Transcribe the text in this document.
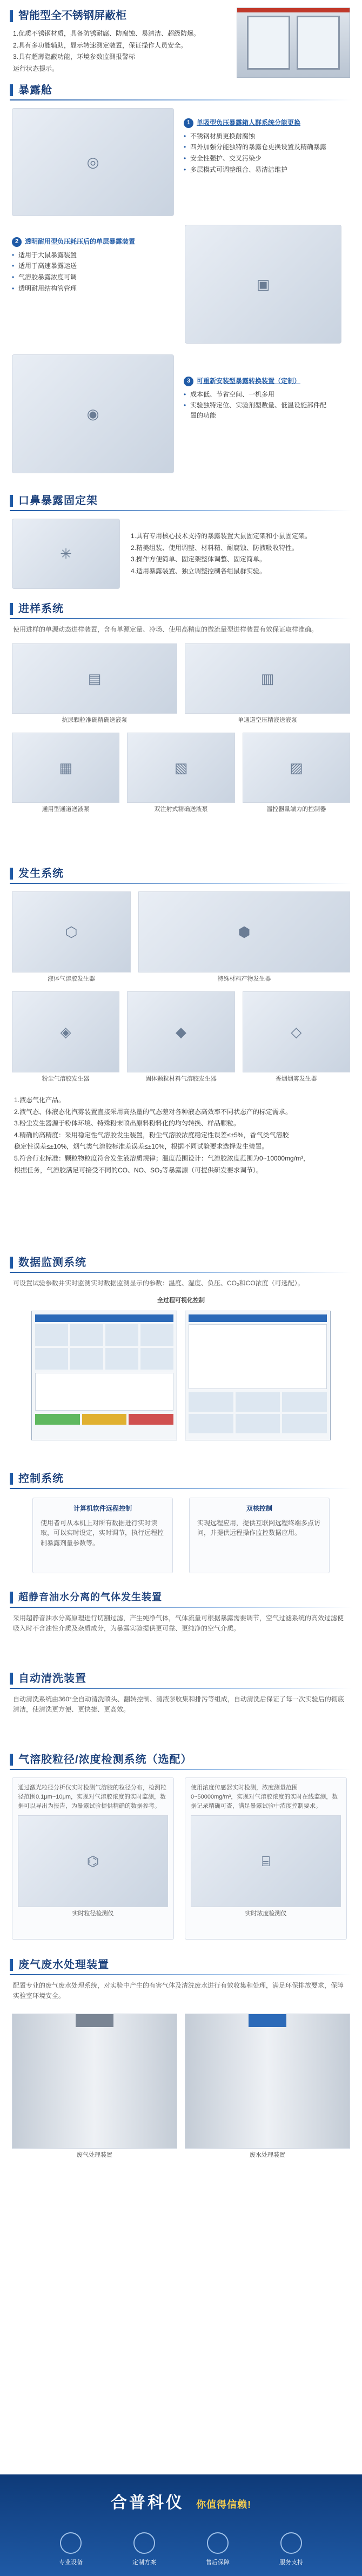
智能型全不锈钢屏蔽柜
1.优质不锈钢材质，具备防锈耐腐、防腐蚀、易清洁、超级防爆。
2.具有多功能辅助，显示转速测定装置，保证操作人员安全。
3.具有超薄隐蔽功能，环境参数监测报警标
运行状态提示。
暴露舱
◎
1 单吸型负压暴露箱人群系统分能更换
• 不锈钢材质更换耐腐蚀
• 四外加强分能独特的暴露仓更换设置及精确暴露
• 安全性强护、交叉污染少
• 多层模式可调整组合、易清洁维护
2 透明耐用型负压耗压后的单层暴露装置
• 适用于大鼠暴露装置
• 适用于高速暴露运送
• 气溶胶暴露浓度可调
• 透明耐用结构管管理	▣
◉
3 可重新安装型暴露转换装置（定制）
• 成本低、节省空间、一机多用
• 实验独特定位、实验剂型数量、低温设施部件配置的功能
口鼻暴露固定架
✳
1.具有专用核心技术支持的暴露装置大鼠固定架和小鼠固定架。
2.精美组装、使用调整、材料精、耐腐蚀、防液吸收特性。
3.操作方便简单、固定架整体调整、固定简单。
4.适用暴露装置、独立调整控制各组鼠群实验。
进样系统
使用进样的单源动态进样装置，含有单源定量、冷场、使用高精度的微流量型进样装置有效保证取样准确。
▤
抗尿颗粒准确精确送液泵
▥
单通道空压精液送液泵
▦
通用型通道送液泵
▧
双注射式精确送液泵
▨
温控器量端力的控制器
发生系统
⬡
液体气溶胶发生器
⬢
特殊材料产物发生器
◈
粉尘气溶胶发生器
◆
固体颗粒材料气溶胶发生器
◇
香烟烟雾发生器
1.液态气化产品。
2.液气态、体液态化汽雾装置直接采用高热量的气态差对各种液态高效率不同状态产的标定需求。
3.粉尘发生器源于粉体环境、特殊粉末喷出原料粉料化的均匀转换、样品颗粒。
4.精确的高精度：采用稳定性气溶胶发生装置，粉尘气溶胶浓度稳定性误差≤±5%，香气类气溶胶
稳定性误差≤±10%，烟气类气溶胶标准差误差≤±10%，根据不同试验要求选择发生装置。
5.符合行业标准：颗粒物粒度符合发生液溶质规律；温度范围设计：气溶胶浓度范围为0~10000mg/m³，
根据任务，气溶胶满足可接受不同的CO、NO、SO₂等暴露源（可提供研发要求调节）。
数据监测系统
可设置试验参数并实时监测实时数据监测显示的参数：温度、湿度、负压、CO₂和CO浓度（可选配）。
全过程可视化控制
控制系统
计算机软件远程控制
使用者可从本机上对所有数据进行实时读取，可以实时设定，实时调节，执行远程控制暴露剂量参数等。
双核控制
实现远程应用，提供互联网远程终端多点访问，并提供远程操作监控数据应用。
超静音油水分离的气体发生装置
采用超静音油水分离原理进行切割过滤，产生纯净气体，气体流量可根据暴露需要调节，空气过滤系统的高效过滤使吸入时不含油性介质及杂质成分，为暴露实验提供更可靠、更纯净的空气介质。
自动清洗装置
自动清洗系统由360°全自动清洗喷头、翻转控制、清液泵收集和排污等组成，自动清洗后保证了每一次实验后的彻底清洁，使清洗更方便、更快捷、更高效。
气溶胶粒径/浓度检测系统（选配）
通过激光粒径分析仪实时检测气溶胶的粒径分布，检测粒径范围0.1μm~10μm，实现对气溶胶浓度的实时监测，数据可以导出为报告，为暴露试验提供精确的数据参考。
⌬
实时粒径检测仪
使用浓度传感器实时检测，浓度测量范围0~50000mg/m³，实现对气溶胶浓度的实时在线监测，数据记录精确可查，满足暴露试验中浓度控制要求。
⌸
实时浓度检测仪
废气废水处理装置
配置专业的废气废水处理系统，对实验中产生的有害气体及清洗废水进行有效收集和处理，满足环保排放要求，保障实验室环境安全。
废气处理装置	废水处理装置
合普科仪 你值得信赖!
专业设备	定制方案	售后保障	服务支持
